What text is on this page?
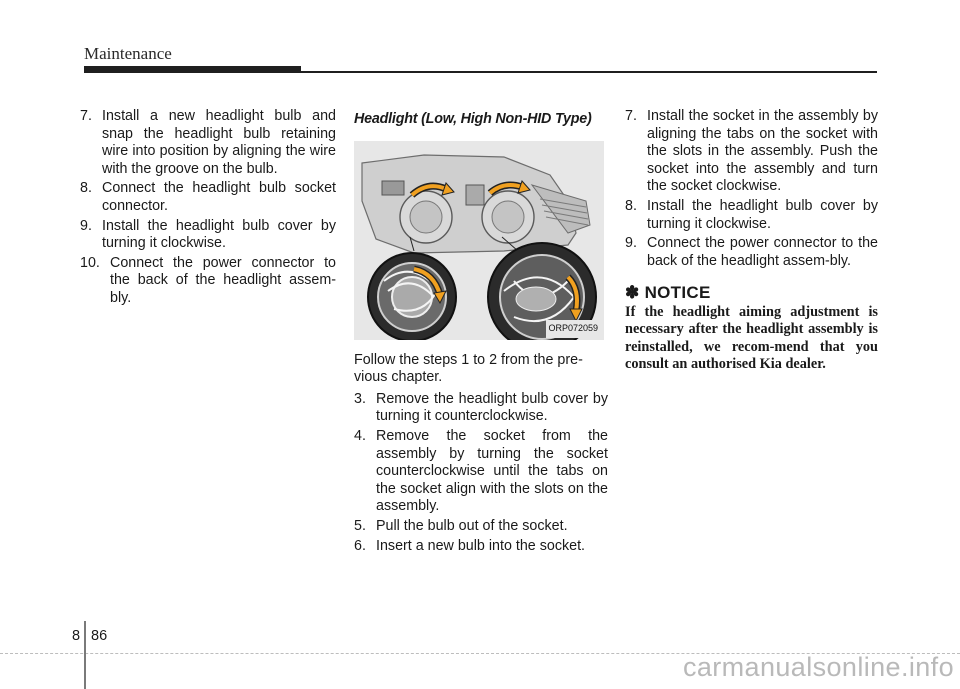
Maintenance
7. Install a new headlight bulb and snap the headlight bulb retaining wire into position by aligning the wire with the groove on the bulb.
8. Connect the headlight bulb socket connector.
9. Install the headlight bulb cover by turning it clockwise.
10. Connect the power connector to the back of the headlight assem-bly.

Headlight (Low, High Non-HID Type)

ORP072059

Follow the steps 1 to 2 from the pre-vious chapter.

3. Remove the headlight bulb cover by turning it counterclockwise.
4. Remove the socket from the assembly by turning the socket counterclockwise until the tabs on the socket align with the slots on the assembly.
5. Pull the bulb out of the socket.
6. Insert a new bulb into the socket.
7. Install the socket in the assembly by aligning the tabs on the socket with the slots in the assembly. Push the socket into the assembly and turn the socket clockwise.
8. Install the headlight bulb cover by turning it clockwise.
9. Connect the power connector to the back of the headlight assem-bly.
✽ NOTICE
If the headlight aiming adjustment is necessary after the headlight assembly is reinstalled, we recom-mend that you consult an authorised Kia dealer.
8 86
carmanualsonline.info
